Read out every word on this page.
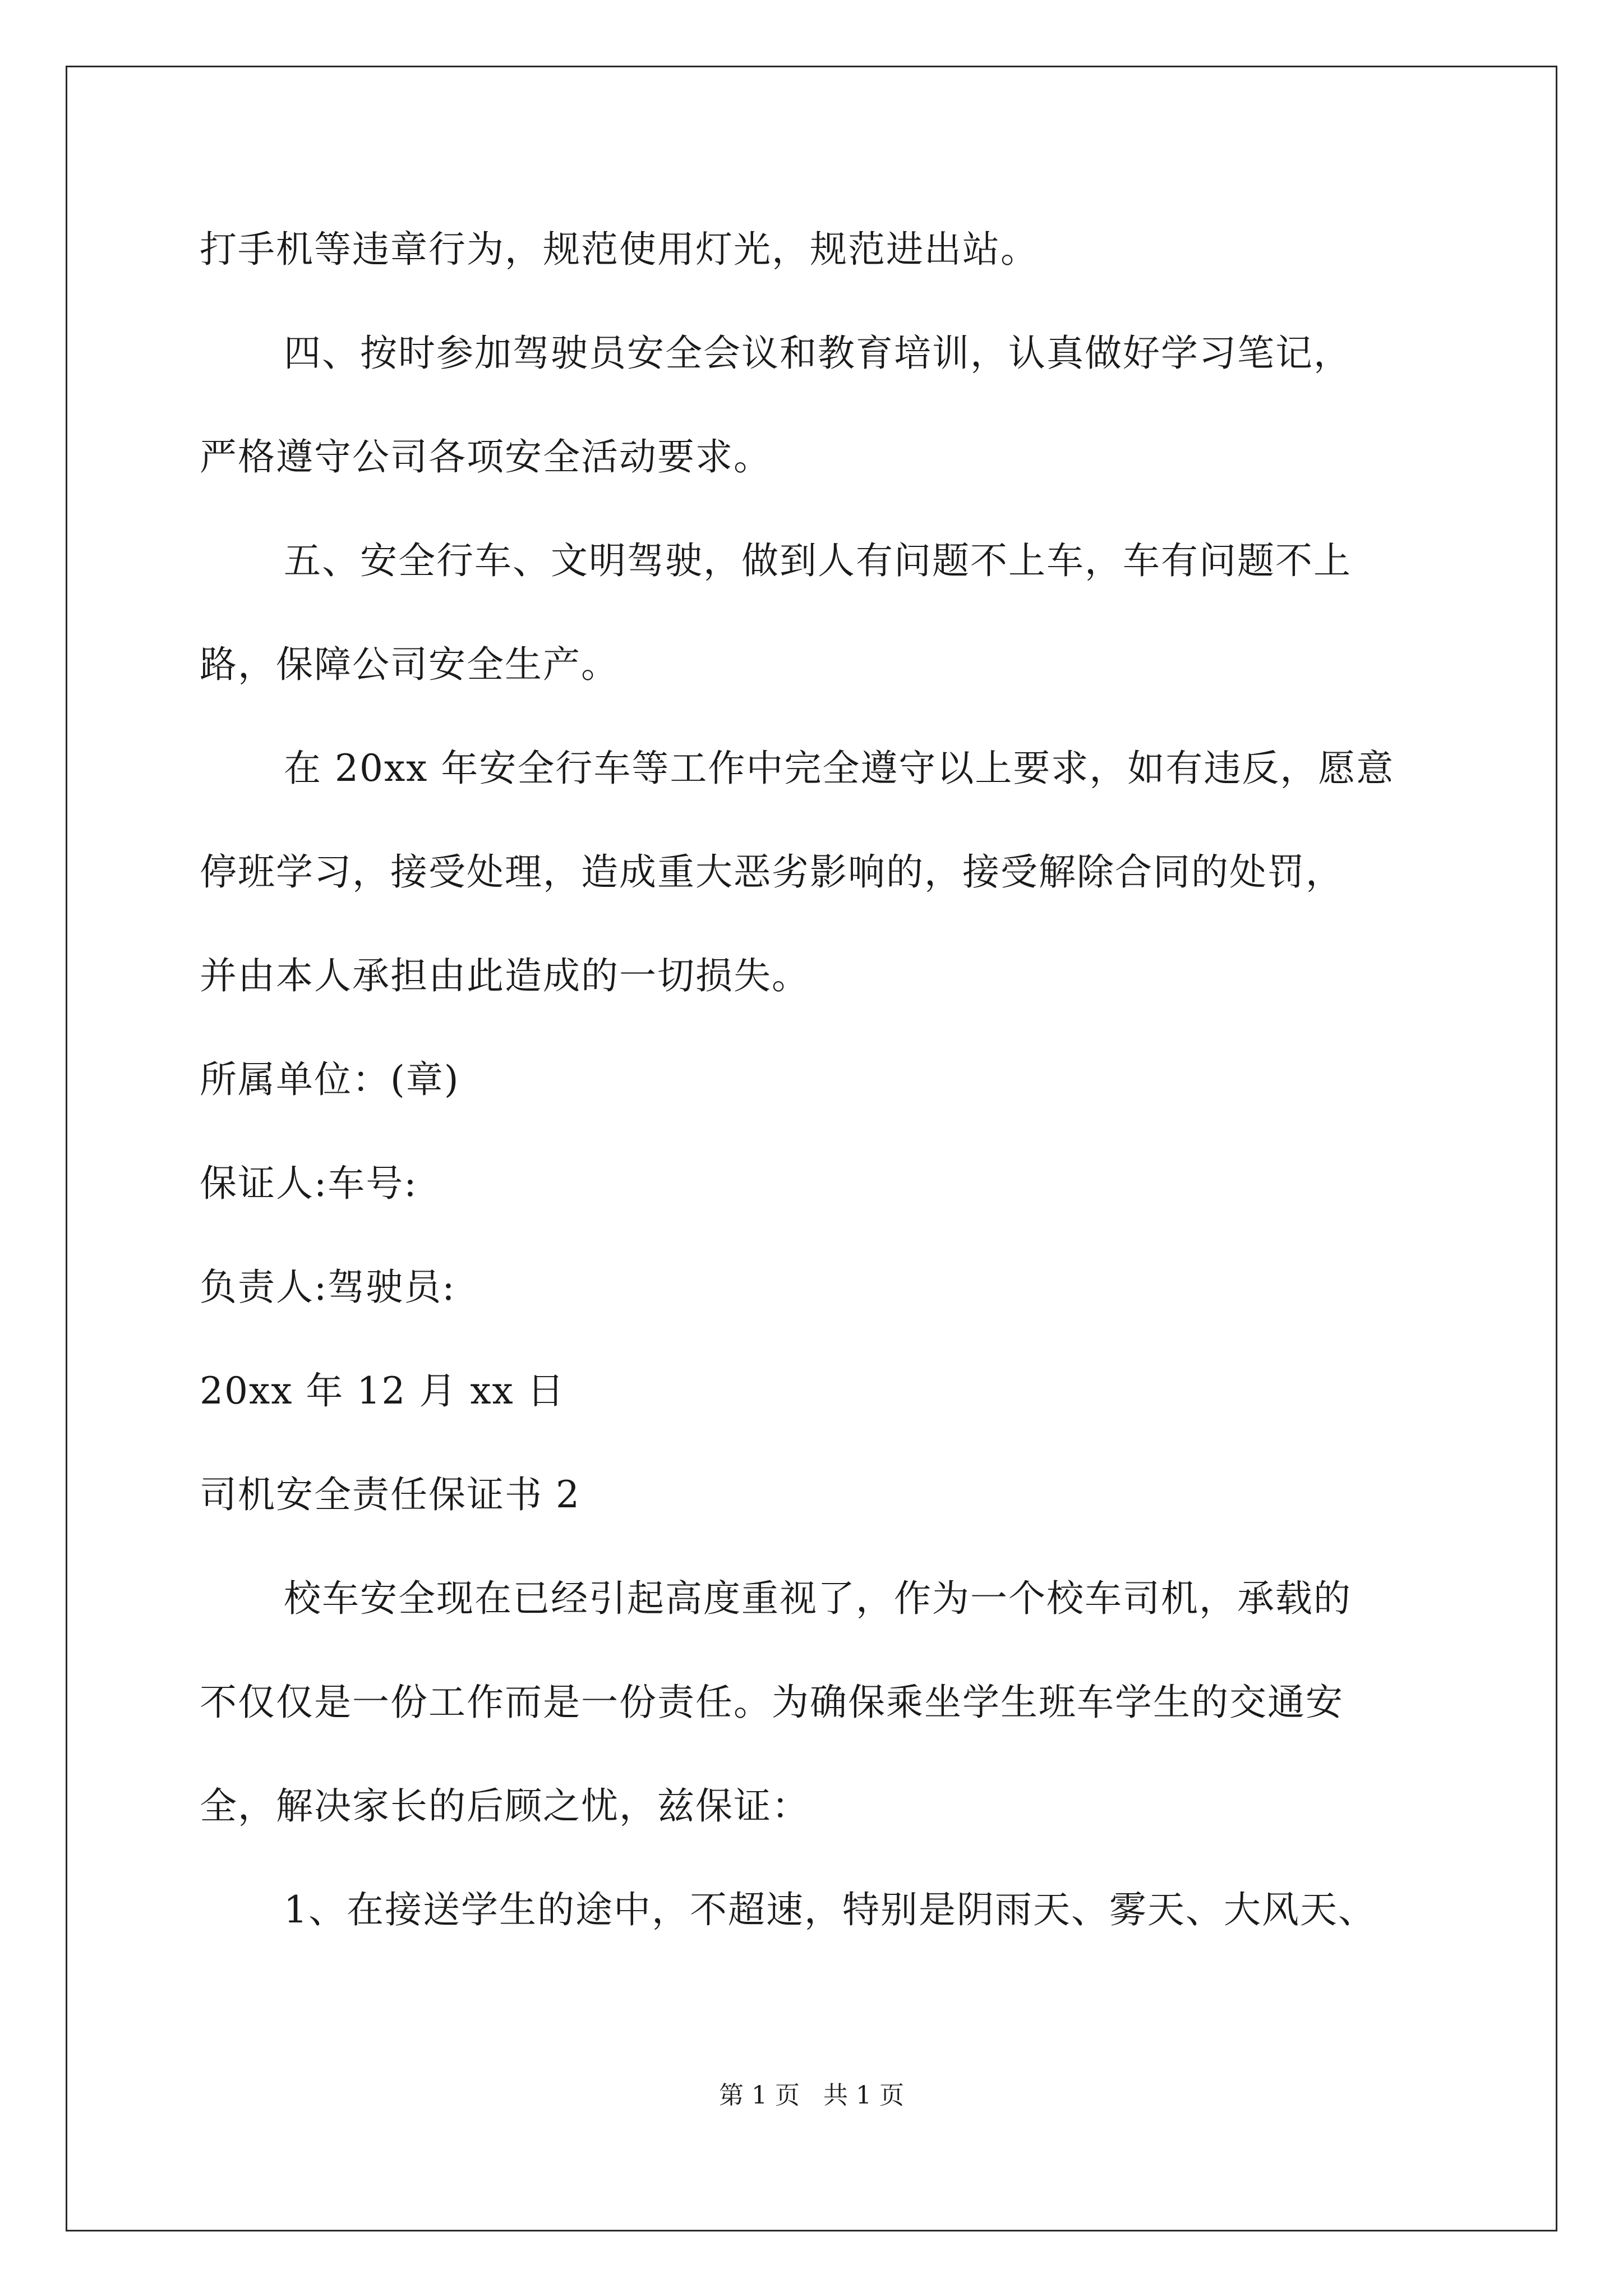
打手机等违章行为，规范使用灯光，规范进出站。
四、按时参加驾驶员安全会议和教育培训，认真做好学习笔记，
严格遵守公司各项安全活动要求。
五、安全行车、文明驾驶，做到人有问题不上车，车有问题不上
路，保障公司安全生产。
在 20xx 年安全行车等工作中完全遵守以上要求，如有违反，愿意
停班学习，接受处理，造成重大恶劣影响的，接受解除合同的处罚，
并由本人承担由此造成的一切损失。
所属单位：(章)
保证人:车号:
负责人:驾驶员:
20xx 年 12 月 xx 日
司机安全责任保证书 2
校车安全现在已经引起高度重视了，作为一个校车司机，承载的
不仅仅是一份工作而是一份责任。为确保乘坐学生班车学生的交通安
全，解决家长的后顾之忧，兹保证：
1、在接送学生的途中，不超速，特别是阴雨天、雾天、大风天、
第 1 页   共 1 页
